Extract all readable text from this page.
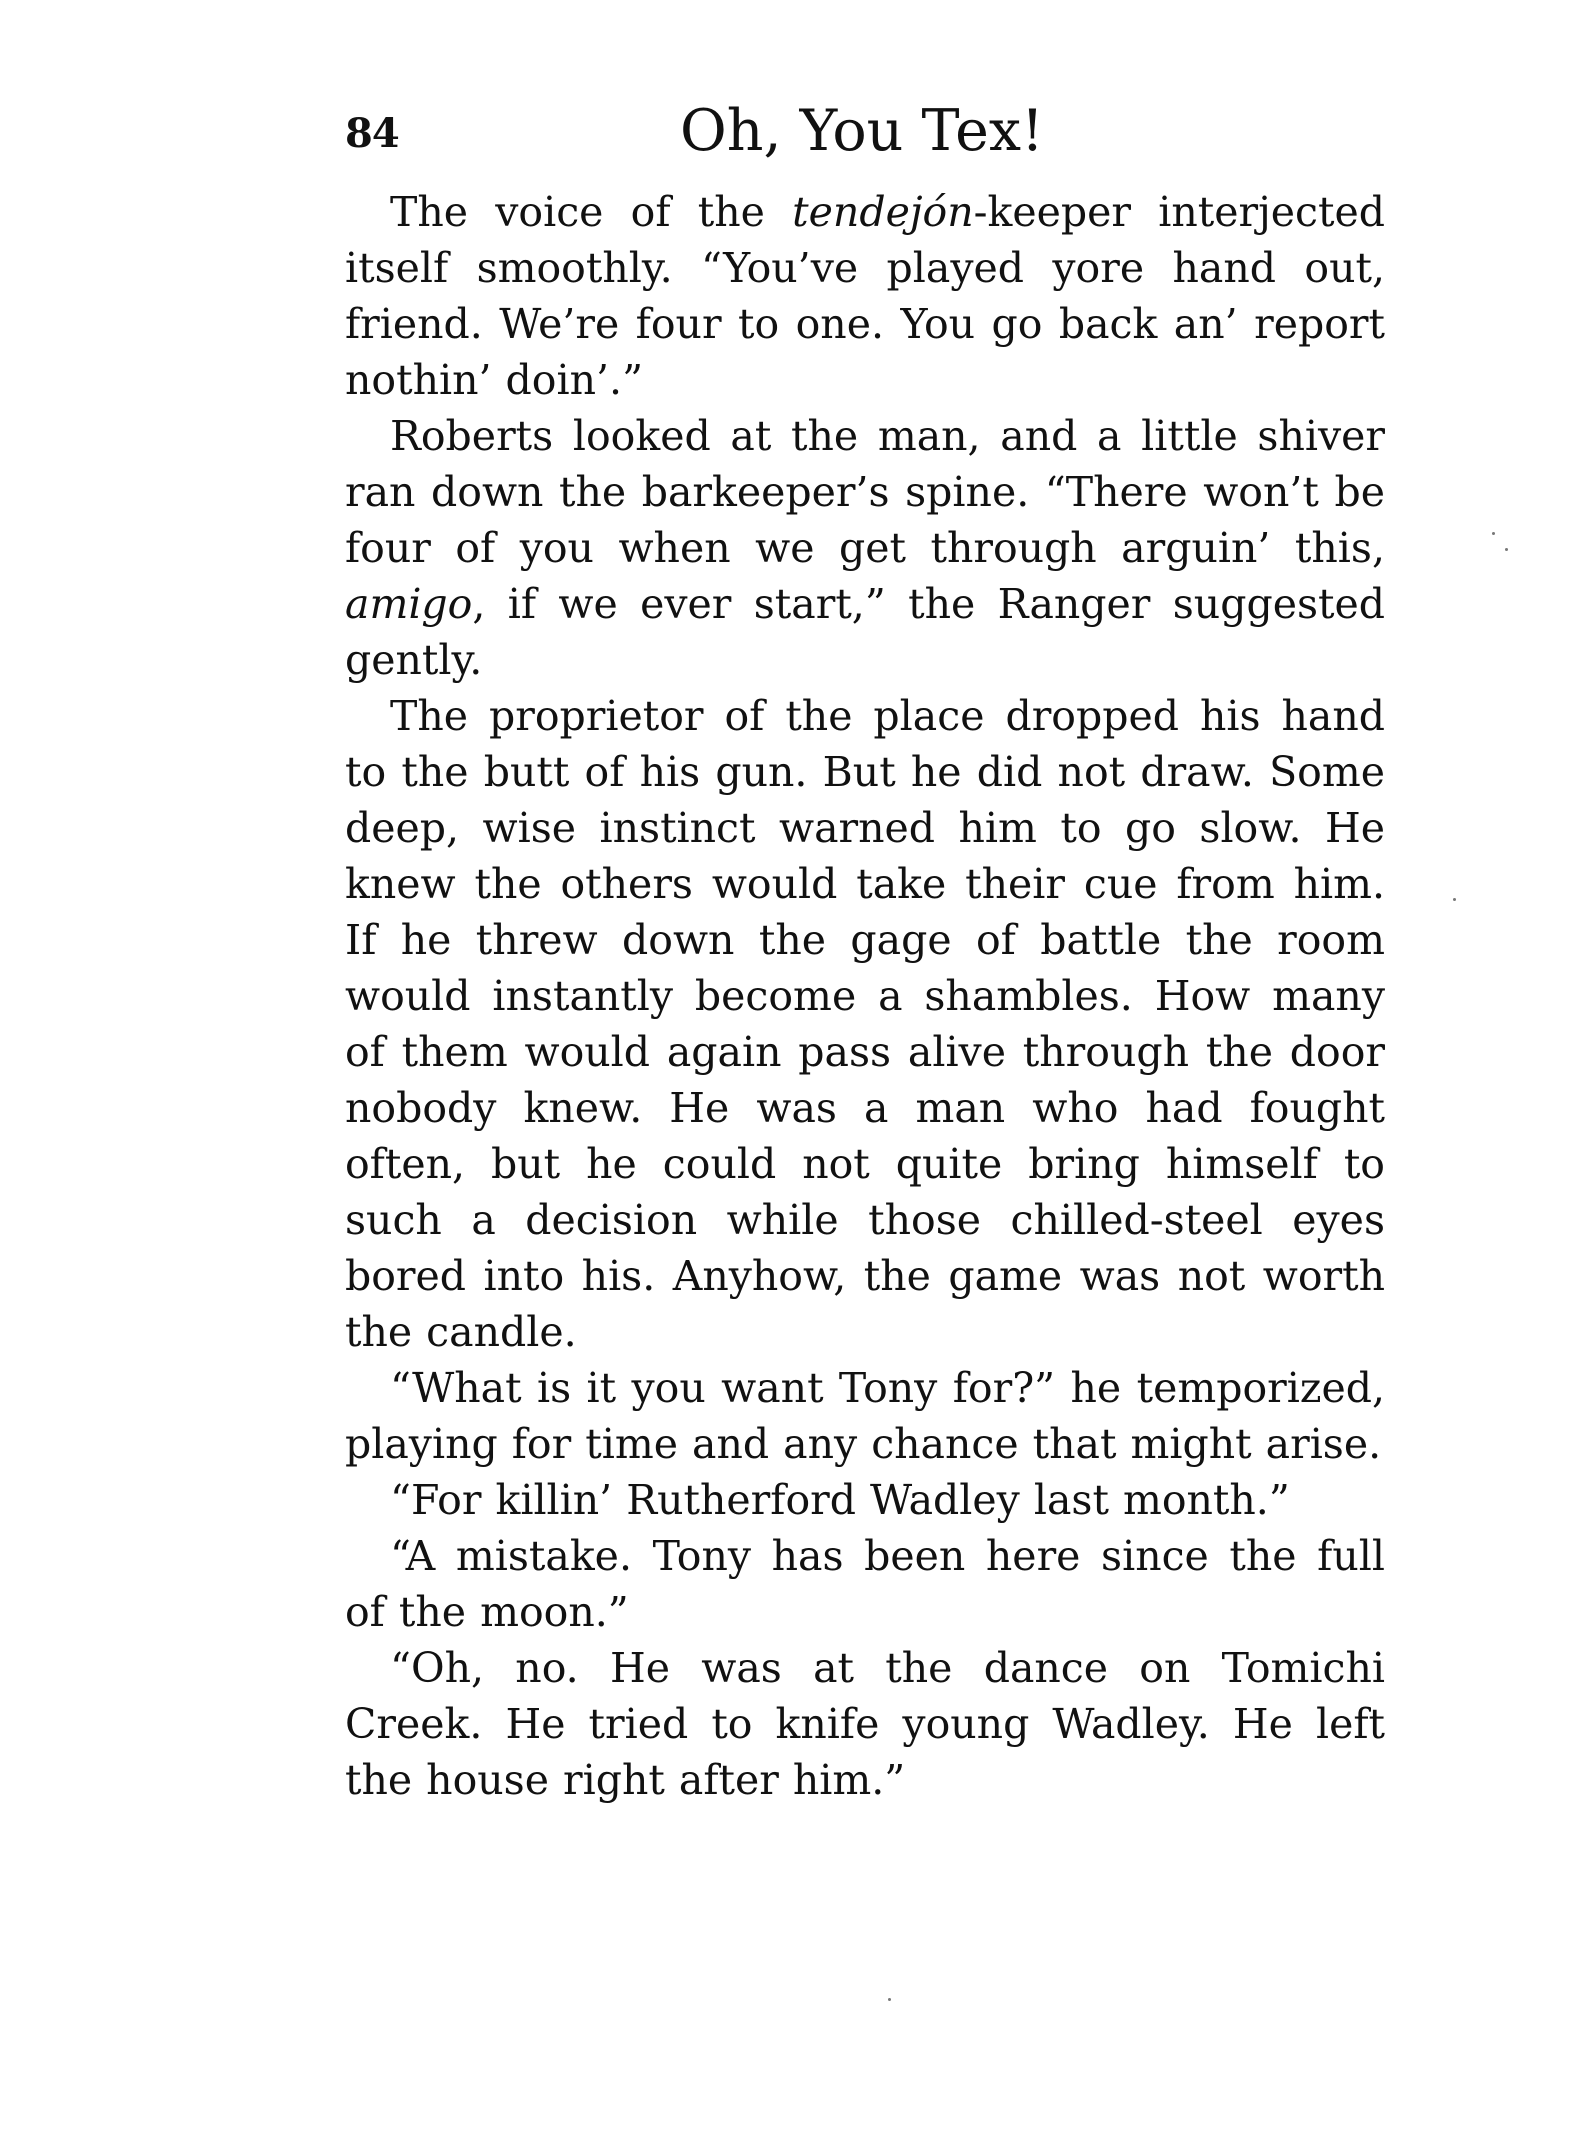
84	Oh, You Tex!

The voice of the tendejón-keeper interjected itself smoothly. “You’ve played yore hand out, friend. We’re four to one. You go back an’ report nothin’ doin’.”

Roberts looked at the man, and a little shiver ran down the barkeeper’s spine. “There won’t be four of you when we get through arguin’ this, amigo, if we ever start,” the Ranger suggested gently.

The proprietor of the place dropped his hand to the butt of his gun. But he did not draw. Some deep, wise instinct warned him to go slow. He knew the others would take their cue from him. If he threw down the gage of battle the room would instantly become a shambles. How many of them would again pass alive through the door nobody knew. He was a man who had fought often, but he could not quite bring himself to such a decision while those chilled-steel eyes bored into his. Anyhow, the game was not worth the candle.

“What is it you want Tony for?” he temporized, playing for time and any chance that might arise.

“For killin’ Rutherford Wadley last month.”

“A mistake. Tony has been here since the full of the moon.”

“Oh, no. He was at the dance on Tomichi Creek. He tried to knife young Wadley. He left the house right after him.”
